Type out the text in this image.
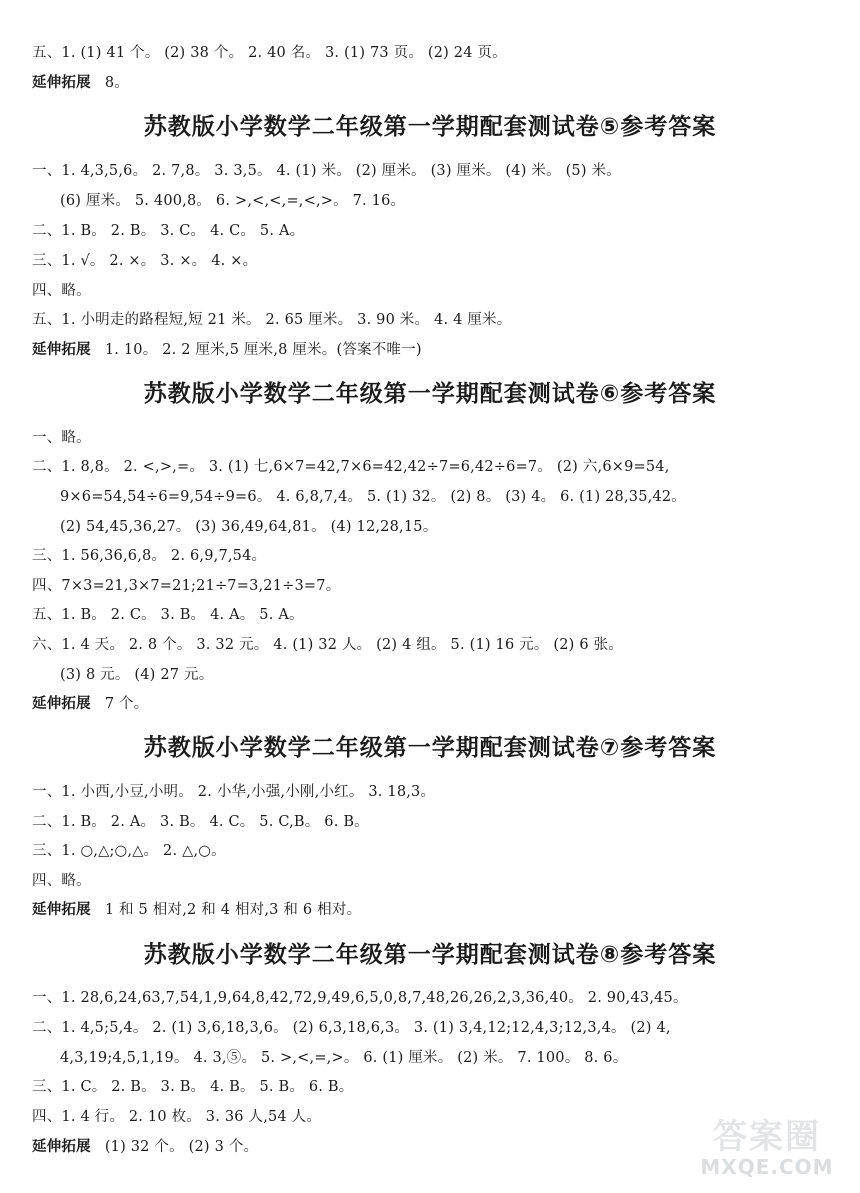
五、1. (1) 41 个。 (2) 38 个。 2. 40 名。 3. (1) 73 页。 (2) 24 页。
延伸拓展 8。
苏教版小学数学二年级第一学期配套测试卷⑤参考答案
一、1. 4,3,5,6。 2. 7,8。 3. 3,5。 4. (1) 米。 (2) 厘米。 (3) 厘米。 (4) 米。 (5) 米。
(6) 厘米。 5. 400,8。 6. >,<,<,=,<,>。 7. 16。
二、1. B。 2. B。 3. C。 4. C。 5. A。
三、1. √。 2. ×。 3. ×。 4. ×。
四、略。
五、1. 小明走的路程短,短 21 米。 2. 65 厘米。 3. 90 米。 4. 4 厘米。
延伸拓展 1. 10。 2. 2 厘米,5 厘米,8 厘米。(答案不唯一)
苏教版小学数学二年级第一学期配套测试卷⑥参考答案
一、略。
二、1. 8,8。 2. <,>,=。 3. (1) 七,6×7=42,7×6=42,42÷7=6,42÷6=7。 (2) 六,6×9=54,
9×6=54,54÷6=9,54÷9=6。 4. 6,8,7,4。 5. (1) 32。 (2) 8。 (3) 4。 6. (1) 28,35,42。
(2) 54,45,36,27。 (3) 36,49,64,81。 (4) 12,28,15。
三、1. 56,36,6,8。 2. 6,9,7,54。
四、7×3=21,3×7=21;21÷7=3,21÷3=7。
五、1. B。 2. C。 3. B。 4. A。 5. A。
六、1. 4 天。 2. 8 个。 3. 32 元。 4. (1) 32 人。 (2) 4 组。 5. (1) 16 元。 (2) 6 张。
(3) 8 元。 (4) 27 元。
延伸拓展 7 个。
苏教版小学数学二年级第一学期配套测试卷⑦参考答案
一、1. 小西,小豆,小明。 2. 小华,小强,小刚,小红。 3. 18,3。
二、1. B。 2. A。 3. B。 4. C。 5. C,B。 6. B。
三、1. ○,△;○,△。 2. △,○。
四、略。
延伸拓展 1 和 5 相对,2 和 4 相对,3 和 6 相对。
苏教版小学数学二年级第一学期配套测试卷⑧参考答案
一、1. 28,6,24,63,7,54,1,9,64,8,42,72,9,49,6,5,0,8,7,48,26,26,2,3,36,40。 2. 90,43,45。
二、1. 4,5;5,4。 2. (1) 3,6,18,3,6。 (2) 6,3,18,6,3。 3. (1) 3,4,12;12,4,3;12,3,4。 (2) 4,
4,3,19;4,5,1,19。 4. 3,⑤。 5. >,<,=,>。 6. (1) 厘米。 (2) 米。 7. 100。 8. 6。
三、1. C。 2. B。 3. B。 4. B。 5. B。 6. B。
四、1. 4 行。 2. 10 枚。 3. 36 人,54 人。
延伸拓展 (1) 32 个。 (2) 3 个。	答案圈
MXQE.COM
